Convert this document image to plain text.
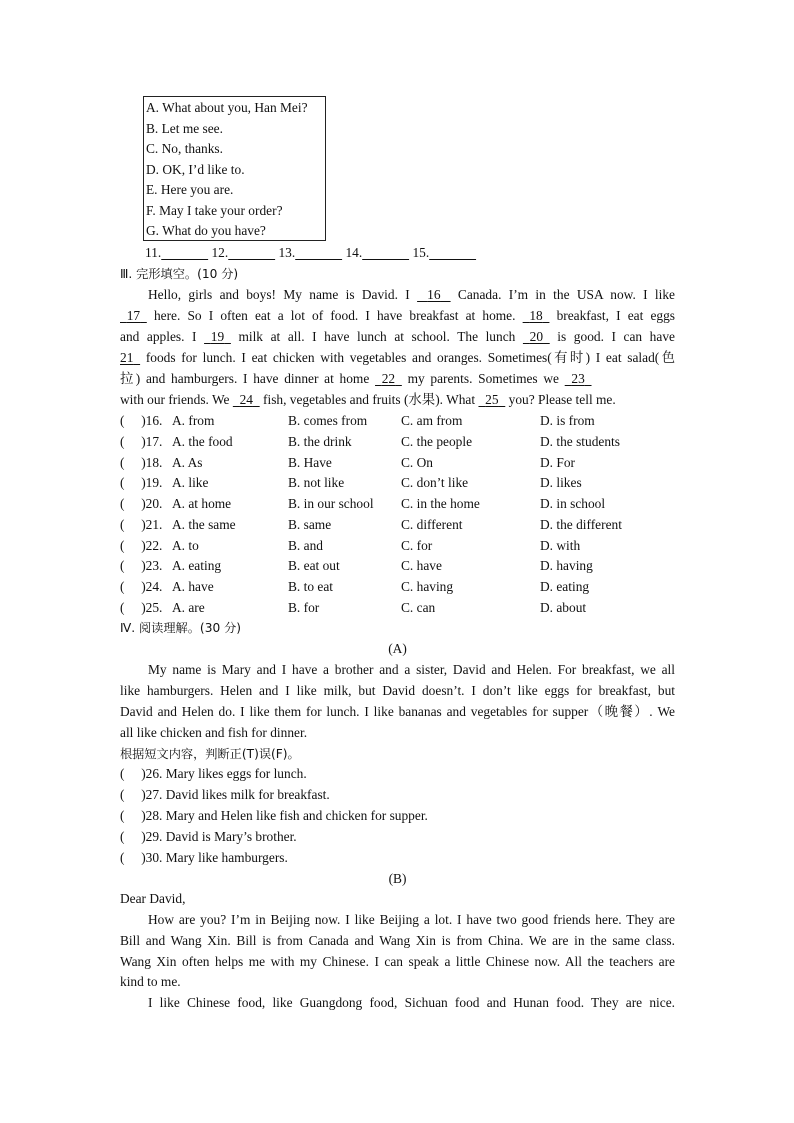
A. What about you, Han Mei?
B. Let me see.
C. No, thanks.
D. OK, I’d like to.
E. Here you are.
F. May I take your order?
G. What do you have?
11.​               12.​               13.​               14.​               15.​
Ⅲ. 完形填空。(10 分)
Hello, girls and boys! My name is David. I 16 Canada. I’m in the USA now. I like
17 here. So I often eat a lot of food. I have breakfast at home. 18 breakfast, I eat eggs
and apples. I 19 milk at all. I have lunch at school. The lunch 20 is good. I can have
21 foods for lunch. I eat chicken with vegetables and oranges. Sometimes(有时) I eat salad(色
拉) and hamburgers. I have dinner at home 22 my parents. Sometimes we 23
with our friends. We 24 fish, vegetables and fruits (水果). What 25 you? Please tell me.
(　 )16. A. from	B. comes from	C. am from	D. is from
(　 )17. A. the food	B. the drink	C. the people	D. the students
(　 )18. A. As	B. Have	C. On	D. For
(　 )19. A. like	B. not like	C. don’t like	D. likes
(　 )20. A. at home	B. in our school C. in the home	D. in school
(　 )21. A. the same	B. same	C. different	D. the different
(　 )22. A. to	B. and	C. for	D. with
(　 )23. A. eating	B. eat out	C. have	D. having
(　 )24. A. have	B. to eat	C. having	D. eating
(　 )25. A. are	B. for	C. can	D. about
Ⅳ. 阅读理解。(30 分)
(A)
My name is Mary and I have a brother and a sister, David and Helen. For breakfast, we all
like hamburgers. Helen and I like milk, but David doesn’t. I don’t like eggs for breakfast, but
David and Helen do. I like them for lunch. I like bananas and vegetables for supper（晚餐）. We
all like chicken and fish for dinner.
根据短文内容，判断正(T)误(F)。
(　 )26. Mary likes eggs for lunch.
(　 )27. David likes milk for breakfast.
(　 )28. Mary and Helen like fish and chicken for supper.
(　 )29. David is Mary’s brother.
(　 )30. Mary like hamburgers.
(B)
Dear David,
How are you? I’m in Beijing now. I like Beijing a lot. I have two good friends here. They are
Bill and Wang Xin. Bill is from Canada and Wang Xin is from China. We are in the same class.
Wang Xin often helps me with my Chinese. I can speak a little Chinese now. All the teachers are
kind to me.
I like Chinese food, like Guangdong food, Sichuan food and Hunan food. They are nice.
